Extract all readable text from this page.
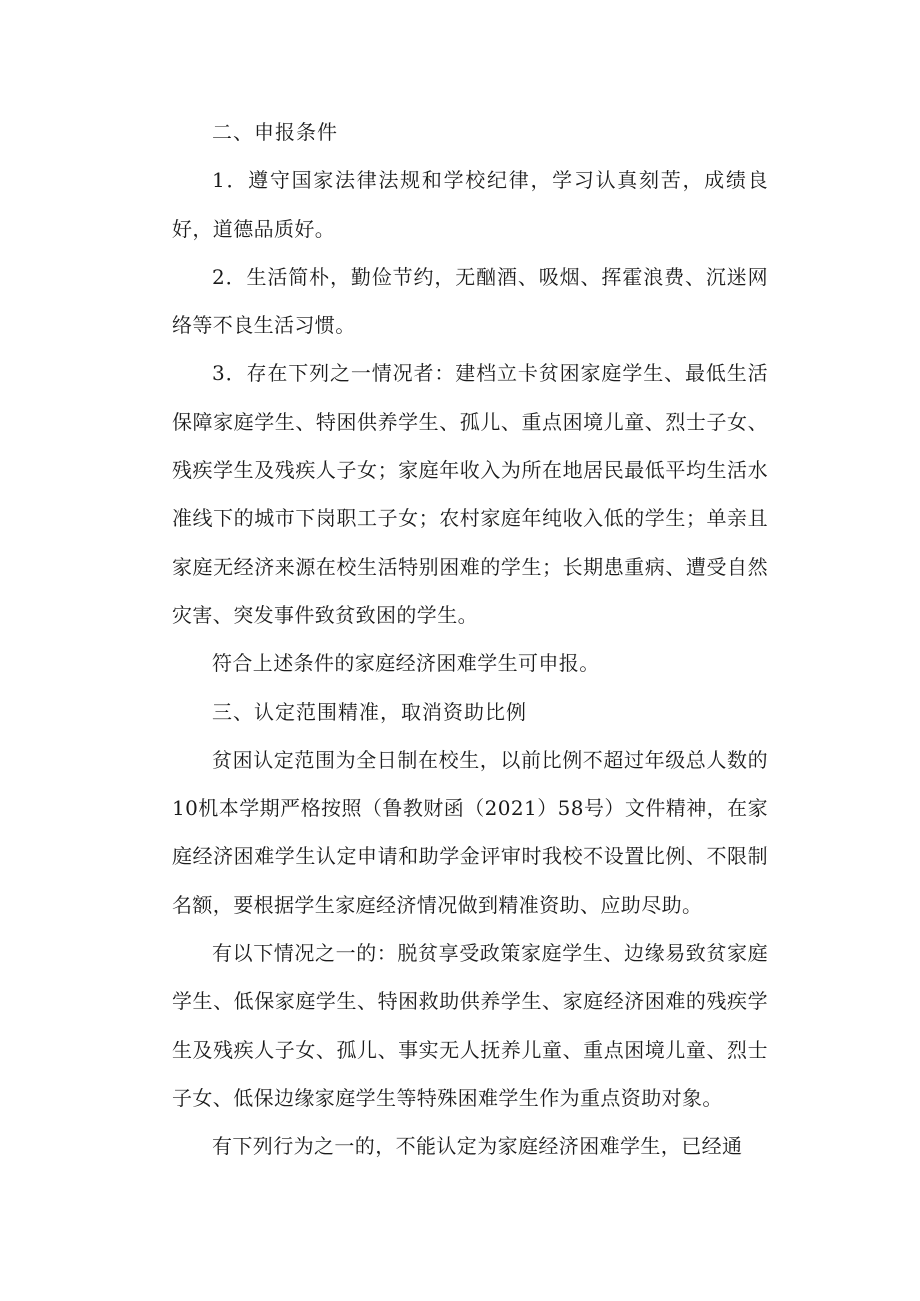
二、申报条件

1．遵守国家法律法规和学校纪律，学习认真刻苦，成绩良好，道德品质好。

2．生活简朴，勤俭节约，无酗酒、吸烟、挥霍浪费、沉迷网络等不良生活习惯。

3．存在下列之一情况者：建档立卡贫困家庭学生、最低生活保障家庭学生、特困供养学生、孤儿、重点困境儿童、烈士子女、残疾学生及残疾人子女；家庭年收入为所在地居民最低平均生活水准线下的城市下岗职工子女；农村家庭年纯收入低的学生；单亲且家庭无经济来源在校生活特别困难的学生；长期患重病、遭受自然灾害、突发事件致贫致困的学生。

符合上述条件的家庭经济困难学生可申报。

三、认定范围精准，取消资助比例

贫困认定范围为全日制在校生，以前比例不超过年级总人数的10机本学期严格按照（鲁教财函（2021）58号）文件精神，在家庭经济困难学生认定申请和助学金评审时我校不设置比例、不限制名额，要根据学生家庭经济情况做到精准资助、应助尽助。

有以下情况之一的：脱贫享受政策家庭学生、边缘易致贫家庭学生、低保家庭学生、特困救助供养学生、家庭经济困难的残疾学生及残疾人子女、孤儿、事实无人抚养儿童、重点困境儿童、烈士子女、低保边缘家庭学生等特殊困难学生作为重点资助对象。

有下列行为之一的，不能认定为家庭经济困难学生，已经通
